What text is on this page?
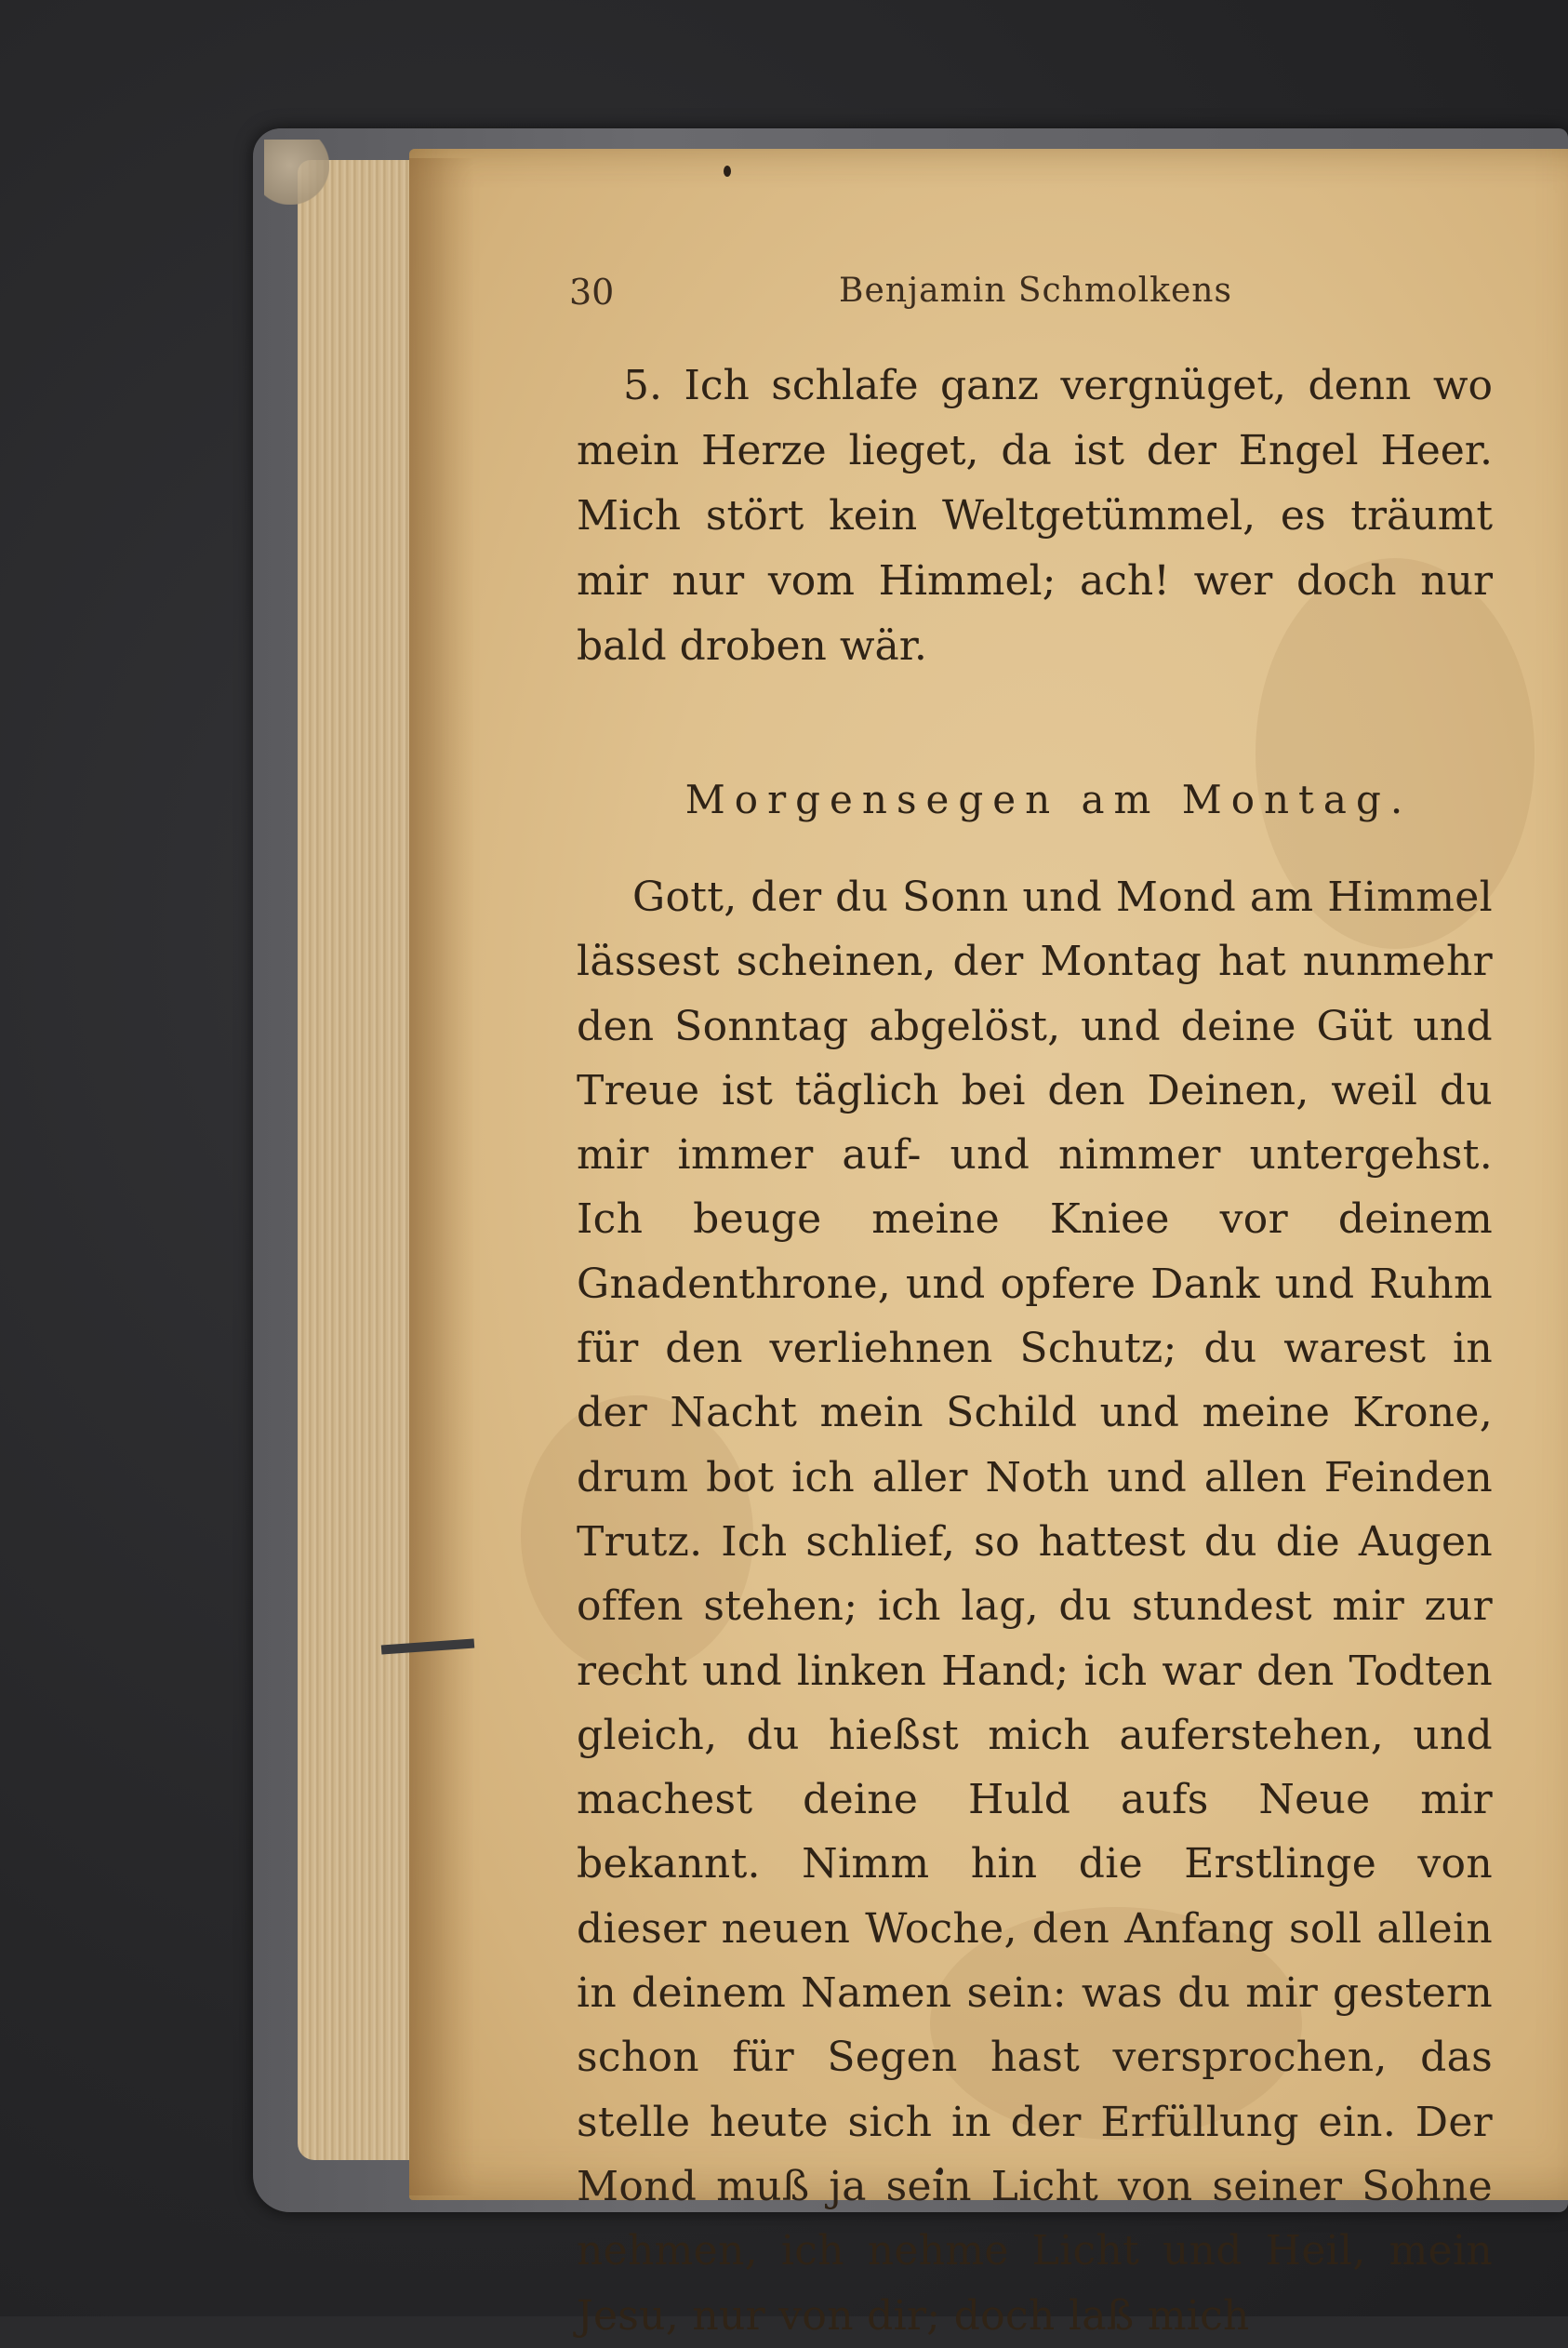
30	Benjamin Schmolkens

5. Ich schlafe ganz vergnüget, denn wo mein Herze lieget, da ist der Engel Heer. Mich stört kein Weltgetümmel, es träumt mir nur vom Himmel; ach! wer doch nur bald droben wär.

Morgensegen am Montag.

Gott, der du Sonn und Mond am Himmel lässest scheinen, der Montag hat nunmehr den Sonntag abgelöst, und deine Güt und Treue ist täglich bei den Deinen, weil du mir immer auf- und nimmer untergehst. Ich beuge meine Kniee vor deinem Gnadenthrone, und opfere Dank und Ruhm für den verliehnen Schutz; du warest in der Nacht mein Schild und meine Krone, drum bot ich aller Noth und allen Feinden Trutz. Ich schlief, so hattest du die Augen offen stehen; ich lag, du stundest mir zur recht und linken Hand; ich war den Todten gleich, du hießst mich auferstehen, und machest deine Huld aufs Neue mir bekannt. Nimm hin die Erstlinge von dieser neuen Woche, den Anfang soll allein in deinem Namen sein: was du mir gestern schon für Segen hast versprochen, das stelle heute sich in der Erfüllung ein. Der Mond muß ja sein Licht von seiner Sohne nehmen, ich nehme Licht und Heil, mein Jesu, nur von dir; doch laß mich
